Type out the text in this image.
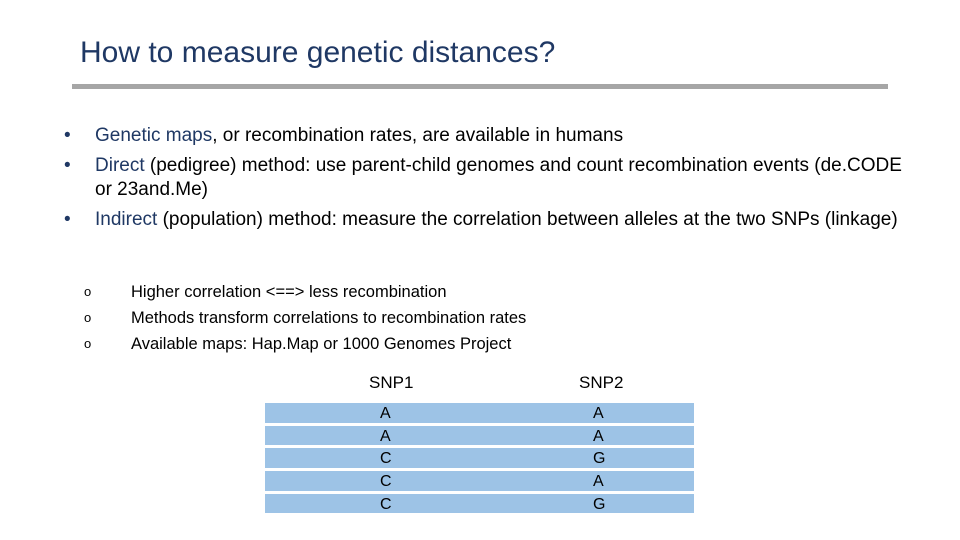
How to measure genetic distances?
• Genetic maps, or recombination rates, are available in humans
• Direct (pedigree) method: use parent-child genomes and count recombination events (de.CODE or 23and.Me)
• Indirect (population) method: measure the correlation between alleles at the two SNPs (linkage)
o Higher correlation <==> less recombination
o Methods transform correlations to recombination rates
o Available maps: Hap.Map or 1000 Genomes Project
SNP1	SNP2
A	A
A	A
C	G
C	A
C	G
